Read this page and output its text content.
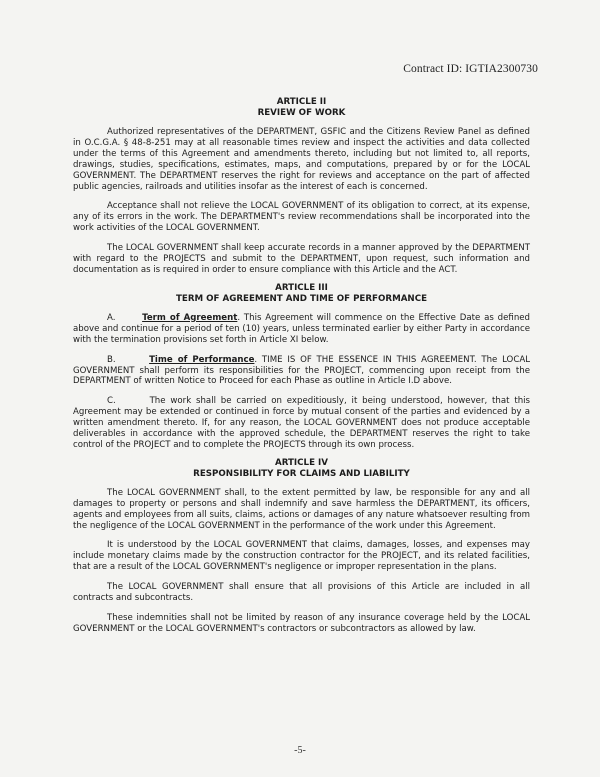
Contract ID: IGTIA2300730
ARTICLE II
REVIEW OF WORK

Authorized representatives of the DEPARTMENT, GSFIC and the Citizens Review Panel as defined in O.C.G.A. § 48-8-251 may at all reasonable times review and inspect the activities and data collected under the terms of this Agreement and amendments thereto, including but not limited to, all reports, drawings, studies, specifications, estimates, maps, and computations, prepared by or for the LOCAL GOVERNMENT. The DEPARTMENT reserves the right for reviews and acceptance on the part of affected public agencies, railroads and utilities insofar as the interest of each is concerned.

Acceptance shall not relieve the LOCAL GOVERNMENT of its obligation to correct, at its expense, any of its errors in the work. The DEPARTMENT's review recommendations shall be incorporated into the work activities of the LOCAL GOVERNMENT.

The LOCAL GOVERNMENT shall keep accurate records in a manner approved by the DEPARTMENT with regard to the PROJECTS and submit to the DEPARTMENT, upon request, such information and documentation as is required in order to ensure compliance with this Article and the ACT.

ARTICLE III
TERM OF AGREEMENT AND TIME OF PERFORMANCE

A.	Term of Agreement. This Agreement will commence on the Effective Date as defined above and continue for a period of ten (10) years, unless terminated earlier by either Party in accordance with the termination provisions set forth in Article XI below.

B.	Time of Performance. TIME IS OF THE ESSENCE IN THIS AGREEMENT. The LOCAL GOVERNMENT shall perform its responsibilities for the PROJECT, commencing upon receipt from the DEPARTMENT of written Notice to Proceed for each Phase as outline in Article I.D above.

C.	The work shall be carried on expeditiously, it being understood, however, that this Agreement may be extended or continued in force by mutual consent of the parties and evidenced by a written amendment thereto. If, for any reason, the LOCAL GOVERNMENT does not produce acceptable deliverables in accordance with the approved schedule, the DEPARTMENT reserves the right to take control of the PROJECT and to complete the PROJECTS through its own process.

ARTICLE IV
RESPONSIBILITY FOR CLAIMS AND LIABILITY

The LOCAL GOVERNMENT shall, to the extent permitted by law, be responsible for any and all damages to property or persons and shall indemnify and save harmless the DEPARTMENT, its officers, agents and employees from all suits, claims, actions or damages of any nature whatsoever resulting from the negligence of the LOCAL GOVERNMENT in the performance of the work under this Agreement.

It is understood by the LOCAL GOVERNMENT that claims, damages, losses, and expenses may include monetary claims made by the construction contractor for the PROJECT, and its related facilities, that are a result of the LOCAL GOVERNMENT's negligence or improper representation in the plans.

The LOCAL GOVERNMENT shall ensure that all provisions of this Article are included in all contracts and subcontracts.

These indemnities shall not be limited by reason of any insurance coverage held by the LOCAL GOVERNMENT or the LOCAL GOVERNMENT's contractors or subcontractors as allowed by law.

-5-
